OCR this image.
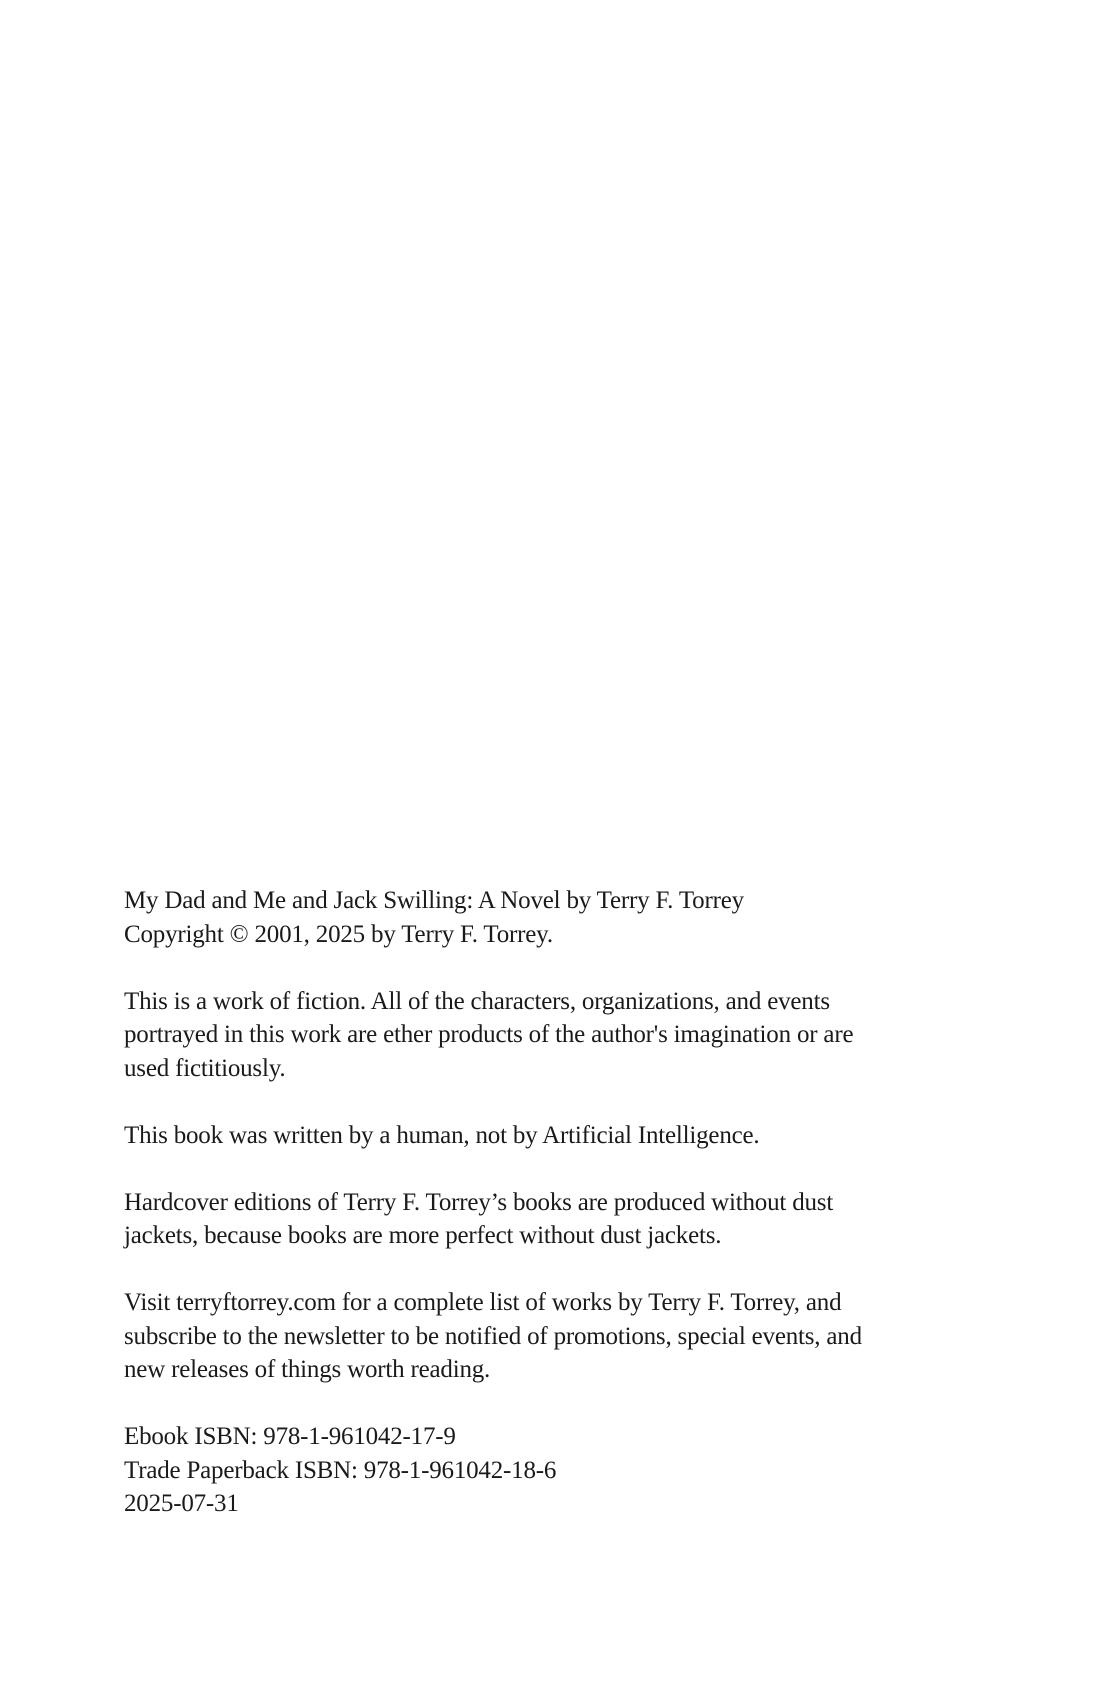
My Dad and Me and Jack Swilling: A Novel by Terry F. Torrey
Copyright © 2001, 2025 by Terry F. Torrey.
This is a work of fiction. All of the characters, organizations, and events
portrayed in this work are ether products of the author's imagination or are
used fictitiously.
This book was written by a human, not by Artificial Intelligence.
Hardcover editions of Terry F. Torrey’s books are produced without dust
jackets, because books are more perfect without dust jackets.
Visit terryftorrey.com for a complete list of works by Terry F. Torrey, and
subscribe to the newsletter to be notified of promotions, special events, and
new releases of things worth reading.
Ebook ISBN: 978-1-961042-17-9
Trade Paperback ISBN: 978-1-961042-18-6
2025-07-31
